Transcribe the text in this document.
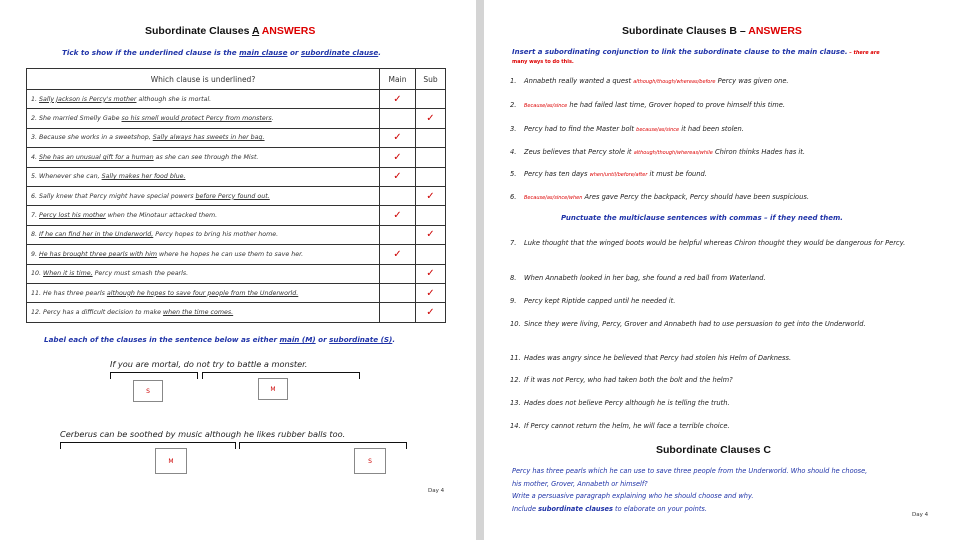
Subordinate Clauses A ANSWERS
Tick to show if the underlined clause is the main clause or subordinate clause.
Which clause is underlined?	Main	Sub
1. Sally Jackson is Percy's mother although she is mortal.	✓	
2. She married Smelly Gabe so his smell would protect Percy from monsters.		✓
3. Because she works in a sweetshop, Sally always has sweets in her bag.	✓	
4. She has an unusual gift for a human as she can see through the Mist.	✓	
5. Whenever she can, Sally makes her food blue.	✓	
6. Sally knew that Percy might have special powers before Percy found out.		✓
7. Percy lost his mother when the Minotaur attacked them.	✓	
8. If he can find her in the Underworld, Percy hopes to bring his mother home.		✓
9. He has brought three pearls with him where he hopes he can use them to save her.	✓	
10. When it is time, Percy must smash the pearls.		✓
11. He has three pearls although he hopes to save four people from the Underworld.		✓
12. Percy has a difficult decision to make when the time comes.		✓
Label each of the clauses in the sentence below as either main (M) or subordinate (S).
If you are mortal, do not try to battle a monster.
S	M
Cerberus can be soothed by music although he likes rubber balls too.
M	S
Day 4
Subordinate Clauses B – ANSWERS
Insert a subordinating conjunction to link the subordinate clause to the main clause. – there are
many ways to do this.
1. Annabeth really wanted a quest although/though/whereas/before Percy was given one.
2. Because/as/since he had failed last time, Grover hoped to prove himself this time.
3. Percy had to find the Master bolt because/as/since it had been stolen.
4. Zeus believes that Percy stole it although/though/whereas/while Chiron thinks Hades has it.
5. Percy has ten days when/until/before/after it must be found.
6. Because/as/since/when Ares gave Percy the backpack, Percy should have been suspicious.
Punctuate the multiclause sentences with commas – if they need them.
7. Luke thought that the winged boots would be helpful whereas Chiron thought they would be dangerous for Percy.
8. When Annabeth looked in her bag, she found a red ball from Waterland.
9. Percy kept Riptide capped until he needed it.
10. Since they were living, Percy, Grover and Annabeth had to use persuasion to get into the Underworld.
11. Hades was angry since he believed that Percy had stolen his Helm of Darkness.
12. If it was not Percy, who had taken both the bolt and the helm?
13. Hades does not believe Percy although he is telling the truth.
14. If Percy cannot return the helm, he will face a terrible choice.
Subordinate Clauses C
Percy has three pearls which he can use to save three people from the Underworld. Who should he choose,
his mother, Grover, Annabeth or himself?
Write a persuasive paragraph explaining who he should choose and why.
Include subordinate clauses to elaborate on your points.
Day 4
